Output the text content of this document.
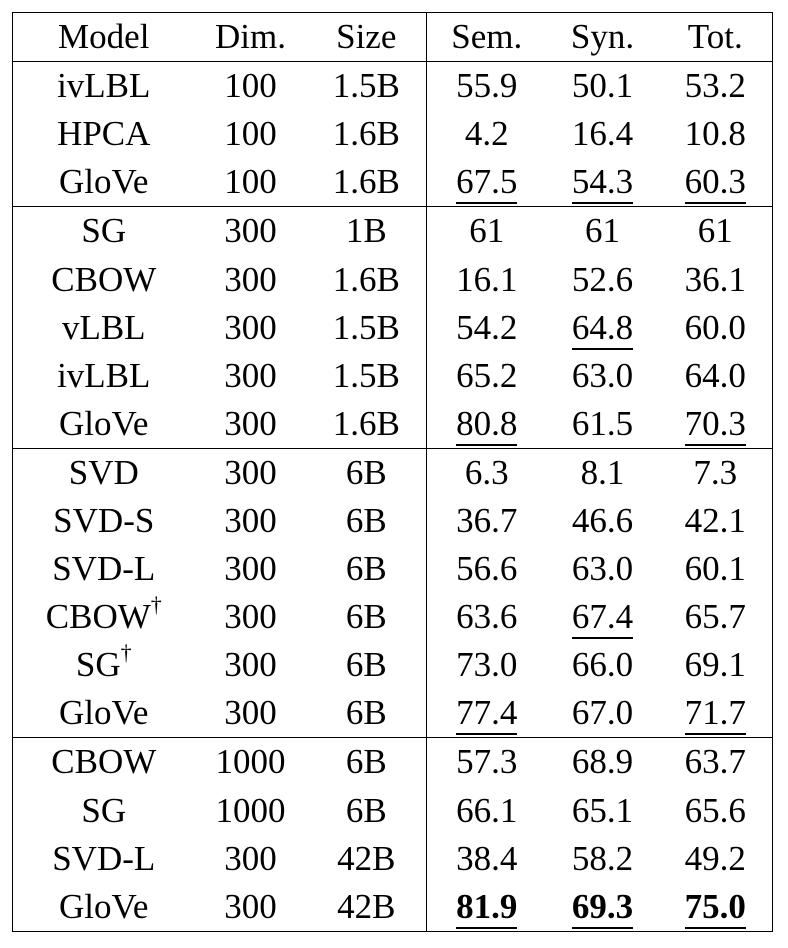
Model	Dim.	Size	Sem.	Syn.	Tot.
ivLBL	100	1.5B	55.9	50.1	53.2
HPCA	100	1.6B	4.2	16.4	10.8
GloVe	100	1.6B	67.5	54.3	60.3
SG	300	1B	61	61	61
CBOW	300	1.6B	16.1	52.6	36.1
vLBL	300	1.5B	54.2	64.8	60.0
ivLBL	300	1.5B	65.2	63.0	64.0
GloVe	300	1.6B	80.8	61.5	70.3
SVD	300	6B	6.3	8.1	7.3
SVD-S	300	6B	36.7	46.6	42.1
SVD-L	300	6B	56.6	63.0	60.1
CBOW†	300	6B	63.6	67.4	65.7
SG†	300	6B	73.0	66.0	69.1
GloVe	300	6B	77.4	67.0	71.7
CBOW	1000	6B	57.3	68.9	63.7
SG	1000	6B	66.1	65.1	65.6
SVD-L	300	42B	38.4	58.2	49.2
GloVe	300	42B	81.9	69.3	75.0
